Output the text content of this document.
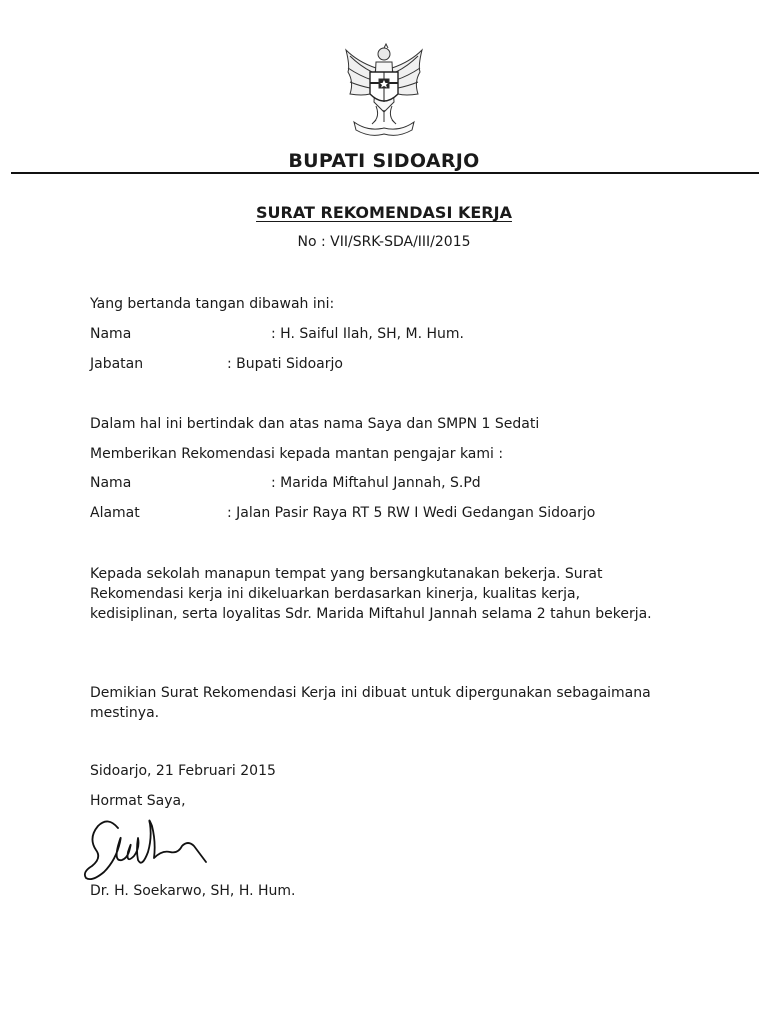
BUPATI SIDOARJO
SURAT REKOMENDASI KERJA

No : VII/SRK-SDA/III/2015

Yang bertanda tangan dibawah ini:

Nama	: H. Saiful Ilah, SH, M. Hum.

Jabatan	: Bupati Sidoarjo

Dalam hal ini bertindak dan atas nama Saya dan SMPN 1 Sedati

Memberikan Rekomendasi kepada mantan pengajar kami :

Nama	: Marida Miftahul Jannah, S.Pd

Alamat	: Jalan Pasir Raya RT 5 RW I Wedi Gedangan Sidoarjo

Kepada sekolah manapun tempat yang bersangkutanakan bekerja. Surat Rekomendasi kerja ini dikeluarkan berdasarkan kinerja, kualitas kerja, kedisiplinan, serta loyalitas Sdr. Marida Miftahul Jannah selama 2 tahun bekerja.

Demikian Surat Rekomendasi Kerja ini dibuat untuk dipergunakan sebagaimana mestinya.

Sidoarjo, 21 Februari 2015

Hormat Saya,

Dr. H. Soekarwo, SH, H. Hum.
